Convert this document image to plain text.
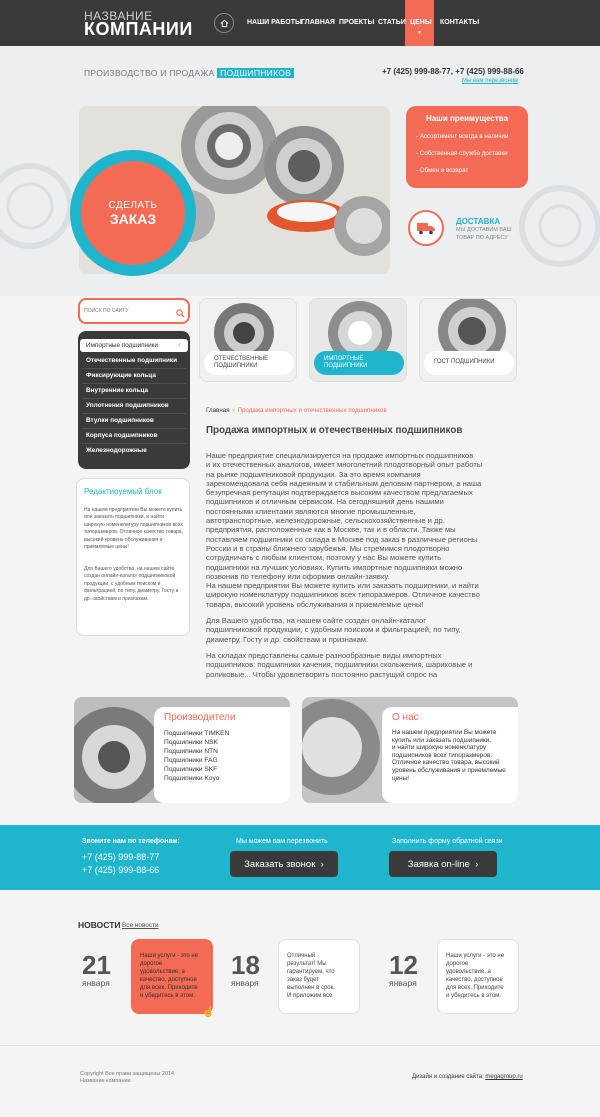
НАЗВАНИЕ
КОМПАНИИ	НАШИ РАБОТЫ ГЛАВНАЯ ПРОЕКТЫ СТАТЬИ ЦЕНЫ
▼
КОНТАКТЫ
ПРОИЗВОДСТВО И ПРОДАЖА ПОДШИПНИКОВ	+7 (425) 999-88-77, +7 (425) 999-88-66
Мы вам перезвоним
СДЕЛАТЬ
ЗАКАЗ
Наши преимущества
- Ассортимент всегда в наличии
- Собственная служба доставки
- Обмен и возврат
ДОСТАВКА
МЫ ДОСТАВИМ ВАШ
ТОВАР ПО АДРЕСУ
ПОИСК ПО САЙТУ
Импортные подшипники ‹
Отечественные подшипники
Фиксирующие кольца
Внутренние кольца
Уплотнения подшипников
Втулки подшипников
Корпуса подшипников
Железнодорожные
Редактируемый блок
На нашем предприятии Вы можете купить или заказать подшипники, и найти широкую номенклатуру подшипников всех типоразмеров. Отличное качество товара, высокий уровень обслуживания и приемлемые цены!
Для Вашего удобства, на нашем сайте создан онлайн-каталог подшипниковой продукции, с удобным поиском и фильтрацией, по типу, диаметру, Госту и др. свойствам и признакам.
ОТЕЧЕСТВЕННЫЕ
ПОДШИПНИКИ
ИМПОРТНЫЕ
ПОДШИПНИКИ
ГОСТ ПОДШИПНИКИ
Главная › Продажа импортных и отечественных подшипников
Продажа импортных и отечественных подшипников
Наше предприятие специализируется на продаже импортных подшипников
и их отечественных аналогов, имеет многолетний плодотворный опыт работы
на рынке подшипниковой продукции. За это время компания
зарекомендовала себя надежным и стабильным деловым партнером, а наша
безупречная репутация подтверждается высоким качеством предлагаемых
подшипников и отличным сервисом. На сегодняшний день нашими
постоянными клиентами являются многие промышленные,
автотранспортные, железнодорожные, сельскохозяйственные и др.
предприятия, расположенные как в Москве, так и в области. Также мы
поставляем подшипники со склада в Москве под заказ в различные регионы
России и в страны ближнего зарубежья. Мы стремимся плодотворно
сотрудничать с любым клиентом, поэтому у нас Вы можете купить
подшипники на лучших условиях. Купить импортные подшипники можно
позвонив по телефону или оформив онлайн-заявку.
На нашем предприятии Вы можете купить или заказать подшипники, и найти
широкую номенклатуру подшипников всех типоразмеров. Отличное качество
товара, высокий уровень обслуживания и приемлемые цены!
Для Вашего удобства, на нашем сайте создан онлайн-каталог
подшипниковой продукции, с удобным поиском и фильтрацией, по типу,
диаметру, Госту и др. свойствам и признакам.
На складах представлены самые разнообразные виды импортных
подшипников: подшипники качения, подшипники скольжения, шариковые и
роликовые... Чтобы удовлетворить постоянно растущий спрос на
Производители
Подшипники TIMKEN
Подшипники NSK
Подшипники NTN
Подшипники FAG
Подшипники SKF
Подшипники Koyo
О нас
На нашем предприятии Вы можете
купить или заказать подшипники,
и найти широкую номенклатуру
подшипников всех типоразмеров.
Отличное качество товара, высокий
уровень обслуживания и приемлемые
цены!
Звоните нам по телефонам:
+7 (425) 999-88-77
+7 (425) 999-88-66
Мы можем вам перезвонить
Заказать звонок
›
Заполнить форму обратной связи
Заявка on-line
›
НОВОСТИ Все новости
21
января
Наши услуги - это не
дорогое
удовольствие, а
качество, доступное
для всех. Приходите
и убедитесь в этом.
☝
18
января
Отличный
результат! Мы
гарантируем, что
заказ будет
выполнен в срок.
И приложим все
12
января
Наши услуги - это не
дорогое
удовольствие, а
качество, доступное
для всех. Приходите
и убедитесь в этом.
Copyright Все права защищены 2014
Название компании
Дизайн и создание сайта: megagroup.ru
